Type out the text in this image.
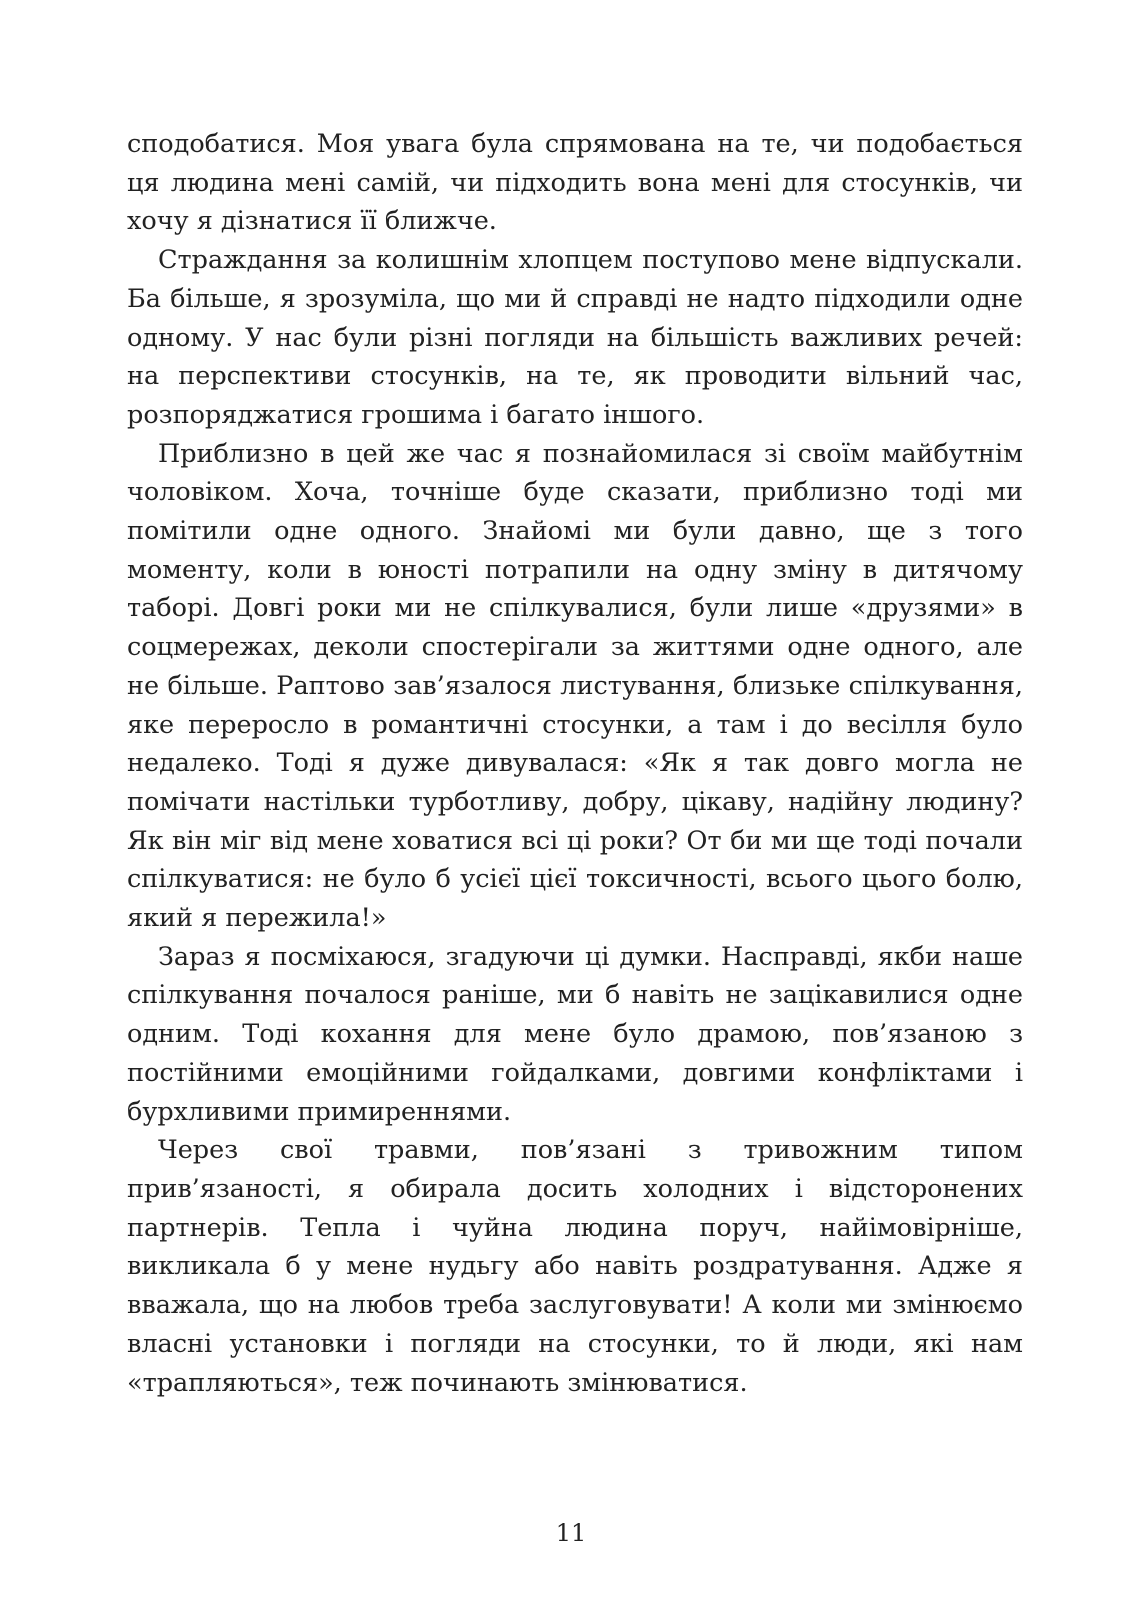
сподобатися. Моя увага була спрямована на те, чи подобається ця людина мені самій, чи підходить вона мені для стосунків, чи хочу я дізнатися її ближче.

Страждання за колишнім хлопцем поступово мене відпускали. Ба більше, я зрозуміла, що ми й справді не надто підходили одне одному. У нас були різні погляди на більшість важливих речей: на перспективи стосунків, на те, як проводити вільний час, розпоряджатися грошима і багато іншого.

Приблизно в цей же час я познайомилася зі своїм майбутнім чоловіком. Хоча, точніше буде сказати, приблизно тоді ми помітили одне одного. Знайомі ми були давно, ще з того моменту, коли в юності потрапили на одну зміну в дитячому таборі. Довгі роки ми не спілкувалися, були лише «друзями» в соцмережах, деколи спостерігали за життями одне одного, але не більше. Раптово зав’язалося листування, близьке спілкування, яке переросло в романтичні стосунки, а там і до весілля було недалеко. Тоді я дуже дивувалася: «Як я так довго могла не помічати настільки турботливу, добру, цікаву, надійну людину? Як він міг від мене ховатися всі ці роки? От би ми ще тоді почали спілкуватися: не було б усієї цієї токсичності, всього цього болю, який я пережила!»

Зараз я посміхаюся, згадуючи ці думки. Насправді, якби наше спілкування почалося раніше, ми б навіть не зацікавилися одне одним. Тоді кохання для мене було драмою, пов’язаною з постійними емоційними гойдалками, довгими конфліктами і бурхливими примиреннями.

Через свої травми, пов’язані з тривожним типом прив’язаності, я обирала досить холодних і відсторонених партнерів. Тепла і чуйна людина поруч, найімовірніше, викликала б у мене нудьгу або навіть роздратування. Адже я вважала, що на любов треба заслуговувати! А коли ми змінюємо власні установки і погляди на стосунки, то й люди, які нам «трапляються», теж починають змінюватися.

11
